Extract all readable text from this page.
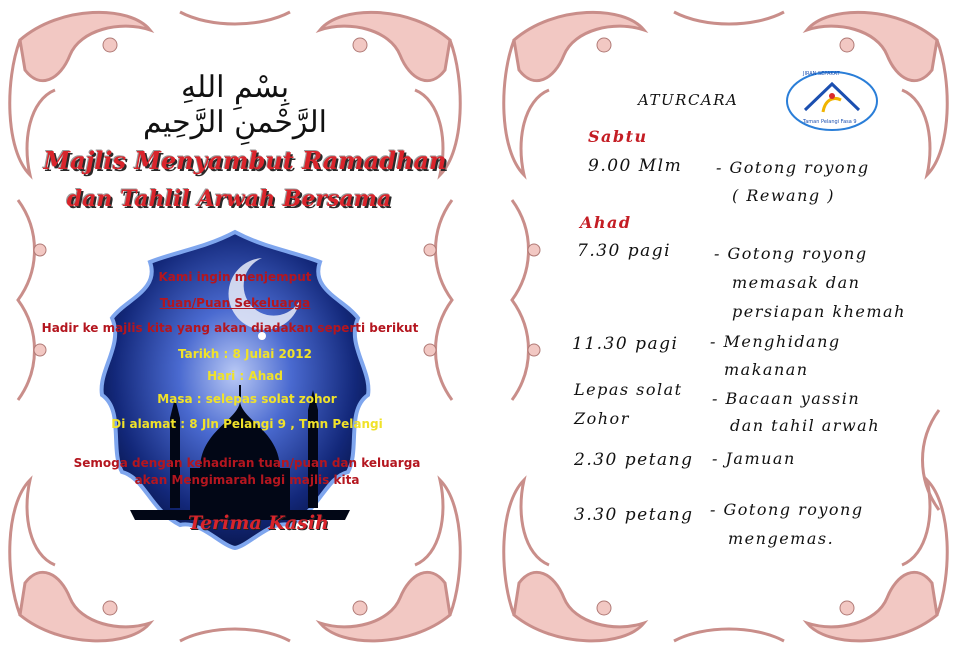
بِسْمِ اللهِ الرَّحْمنِ الرَّحِيم
Majlis Menyambut Ramadhan
dan Tahlil Arwah Bersama
Kami ingin menjemput
Tuan/Puan Sekeluarga
Hadir ke majlis kita yang akan diadakan seperti berikut
Tarikh : 8 Julai 2012
Hari : Ahad
Masa : selepas solat zohor
Di alamat : 8 Jln Pelangi 9 , Tmn Pelangi
Semoga dengan kehadiran tuan/puan dan keluarga
akan Mengimarah lagi majlis kita
Terima Kasih
JIRAN SEPAKAT
Taman Pelangi Fasa 9
ATURCARA
Sabtu
9.00 Mlm - Gotong royong
( Rewang )
Ahad
7.30 pagi	- Gotong royong
memasak dan
persiapan khemah
11.30 pagi - Menghidang
makanan
Lepas solat
Zohor
- Bacaan yassin
dan tahil arwah
2.30 petang - Jamuan
3.30 petang - Gotong royong
mengemas.
